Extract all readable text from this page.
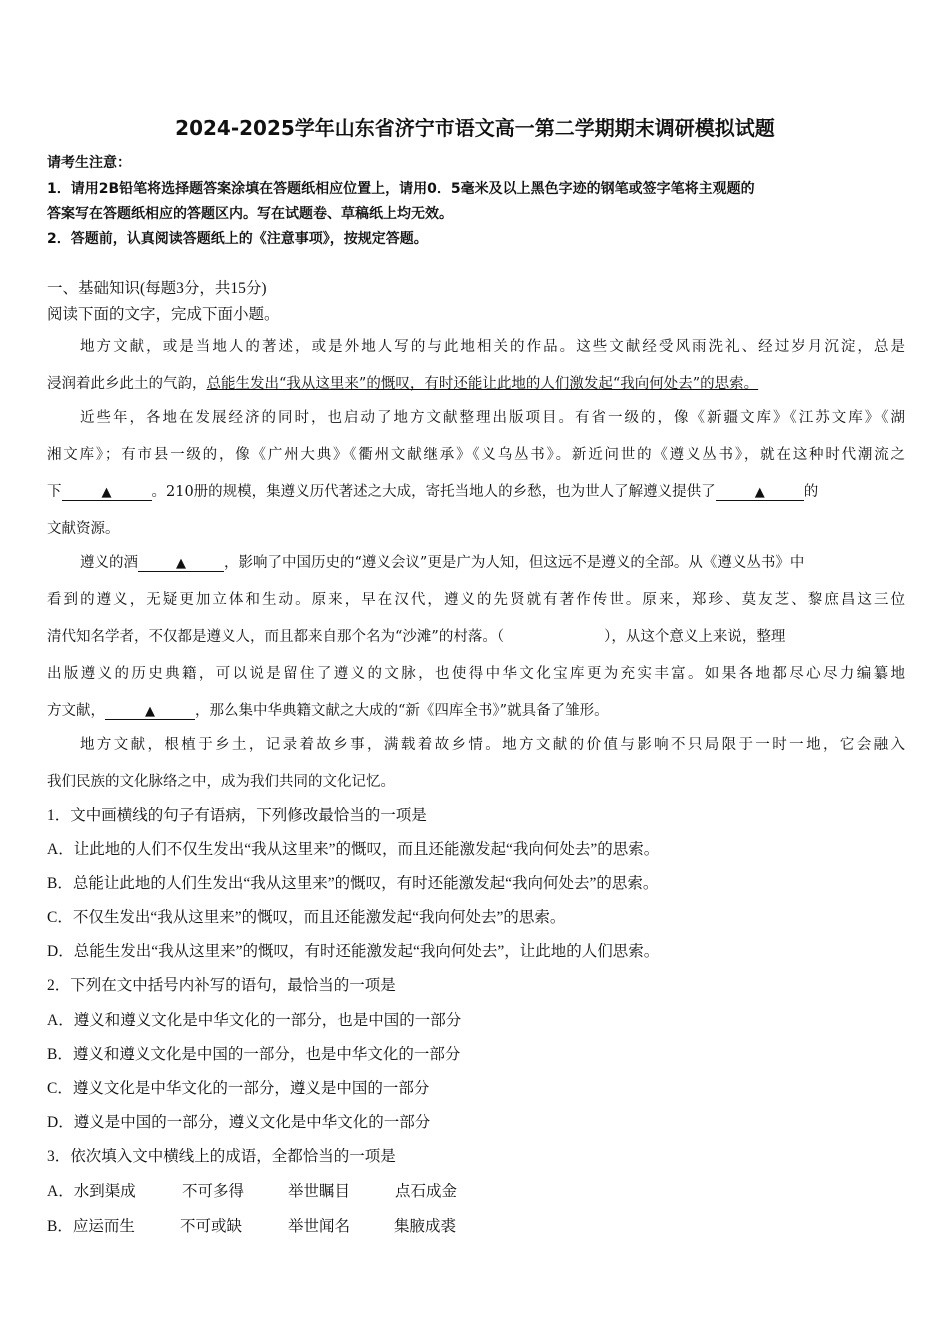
2024-2025学年山东省济宁市语文高一第二学期期末调研模拟试题
请考生注意：
1．请用2B铅笔将选择题答案涂填在答题纸相应位置上，请用0．5毫米及以上黑色字迹的钢笔或签字笔将主观题的
答案写在答题纸相应的答题区内。写在试题卷、草稿纸上均无效。
2．答题前，认真阅读答题纸上的《注意事项》，按规定答题。
一、基础知识(每题3分，共15分)
阅读下面的文字，完成下面小题。
地方文献，或是当地人的著述，或是外地人写的与此地相关的作品。这些文献经受风雨洗礼、经过岁月沉淀，总是
浸润着此乡此土的气韵，总能生发出“我从这里来”的慨叹，有时还能让此地的人们激发起“我向何处去”的思索。
近些年，各地在发展经济的同时，也启动了地方文献整理出版项目。有省一级的，像《新疆文库》《江苏文库》《湖
湘文库》；有市县一级的，像《广州大典》《衢州文献继承》《义乌丛书》。新近问世的《遵义丛书》，就在这种时代潮流之
下	▲	。210册的规模，集遵义历代著述之大成，寄托当地人的乡愁，也为世人了解遵义提供了	▲	的
文献资源。
遵义的酒	▲	，影响了中国历史的“遵义会议”更是广为人知，但这远不是遵义的全部。从《遵义丛书》中
看到的遵义，无疑更加立体和生动。原来，早在汉代，遵义的先贤就有著作传世。原来，郑珍、莫友芝、黎庶昌这三位
清代知名学者，不仅都是遵义人，而且都来自那个名为“沙滩”的村落。（	），从这个意义上来说，整理
出版遵义的历史典籍，可以说是留住了遵义的文脉，也使得中华文化宝库更为充实丰富。如果各地都尽心尽力编纂地
方文献，	▲	，那么集中华典籍文献之大成的“新《四库全书》”就具备了雏形。
地方文献，根植于乡土，记录着故乡事，满载着故乡情。地方文献的价值与影响不只局限于一时一地，它会融入
我们民族的文化脉络之中，成为我们共同的文化记忆。
1．文中画横线的句子有语病，下列修改最恰当的一项是
A．让此地的人们不仅生发出“我从这里来”的慨叹，而且还能激发起“我向何处去”的思索。
B．总能让此地的人们生发出“我从这里来”的慨叹，有时还能激发起“我向何处去”的思索。
C．不仅生发出“我从这里来”的慨叹，而且还能激发起“我向何处去”的思索。
D．总能生发出“我从这里来”的慨叹，有时还能激发起“我向何处去”，让此地的人们思索。
2．下列在文中括号内补写的语句，最恰当的一项是
A．遵义和遵义文化是中华文化的一部分，也是中国的一部分
B．遵义和遵义文化是中国的一部分，也是中华文化的一部分
C．遵义文化是中华文化的一部分，遵义是中国的一部分
D．遵义是中国的一部分，遵义文化是中华文化的一部分
3．依次填入文中横线上的成语，全都恰当的一项是
A．水到渠成	不可多得	举世瞩目	点石成金
B．应运而生	不可或缺	举世闻名	集腋成裘
